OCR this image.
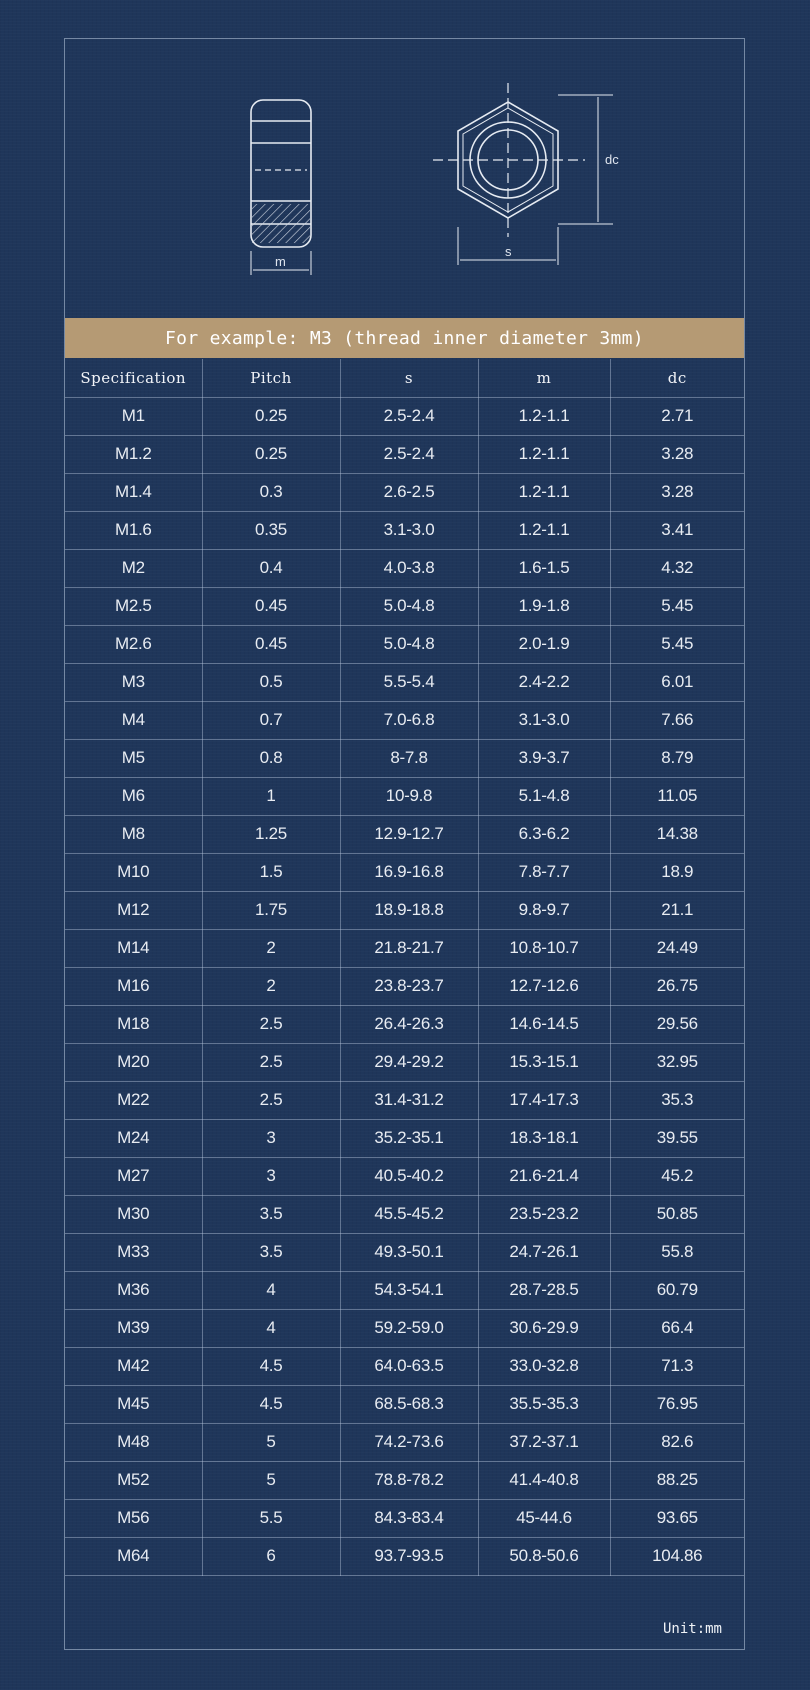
m
dc
s
For example: M3 (thread inner diameter 3mm)
Specification	Pitch	s	m	dc
M1	0.25	2.5-2.4	1.2-1.1	2.71
M1.2	0.25	2.5-2.4	1.2-1.1	3.28
M1.4	0.3	2.6-2.5	1.2-1.1	3.28
M1.6	0.35	3.1-3.0	1.2-1.1	3.41
M2	0.4	4.0-3.8	1.6-1.5	4.32
M2.5	0.45	5.0-4.8	1.9-1.8	5.45
M2.6	0.45	5.0-4.8	2.0-1.9	5.45
M3	0.5	5.5-5.4	2.4-2.2	6.01
M4	0.7	7.0-6.8	3.1-3.0	7.66
M5	0.8	8-7.8	3.9-3.7	8.79
M6	1	10-9.8	5.1-4.8	11.05
M8	1.25	12.9-12.7	6.3-6.2	14.38
M10	1.5	16.9-16.8	7.8-7.7	18.9
M12	1.75	18.9-18.8	9.8-9.7	21.1
M14	2	21.8-21.7	10.8-10.7	24.49
M16	2	23.8-23.7	12.7-12.6	26.75
M18	2.5	26.4-26.3	14.6-14.5	29.56
M20	2.5	29.4-29.2	15.3-15.1	32.95
M22	2.5	31.4-31.2	17.4-17.3	35.3
M24	3	35.2-35.1	18.3-18.1	39.55
M27	3	40.5-40.2	21.6-21.4	45.2
M30	3.5	45.5-45.2	23.5-23.2	50.85
M33	3.5	49.3-50.1	24.7-26.1	55.8
M36	4	54.3-54.1	28.7-28.5	60.79
M39	4	59.2-59.0	30.6-29.9	66.4
M42	4.5	64.0-63.5	33.0-32.8	71.3
M45	4.5	68.5-68.3	35.5-35.3	76.95
M48	5	74.2-73.6	37.2-37.1	82.6
M52	5	78.8-78.2	41.4-40.8	88.25
M56	5.5	84.3-83.4	45-44.6	93.65
M64	6	93.7-93.5	50.8-50.6	104.86
Unit:mm
